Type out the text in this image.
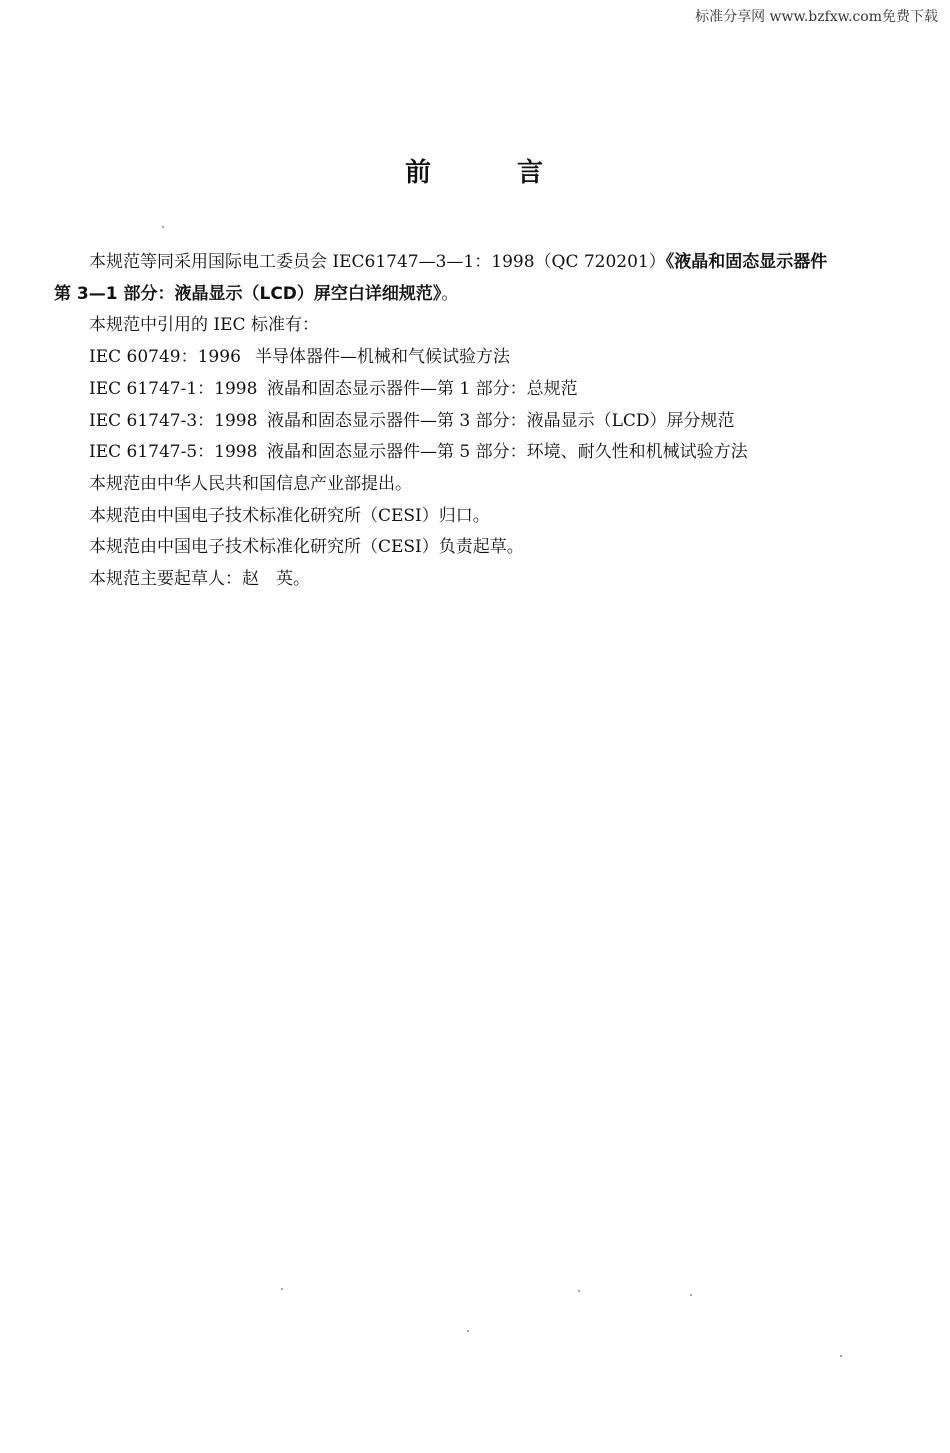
标准分享网 www.bzfxw.com免费下载
前	言
本规范等同采用国际电工委员会 IEC61747—3—1：1998（QC 720201）《液晶和固态显示器件
第 3—1 部分：液晶显示（LCD）屏空白详细规范》。
本规范中引用的 IEC 标准有：
IEC 60749：1996 半导体器件—机械和气候试验方法
IEC 61747-1：1998 液晶和固态显示器件—第 1 部分：总规范
IEC 61747-3：1998 液晶和固态显示器件—第 3 部分：液晶显示（LCD）屏分规范
IEC 61747-5：1998 液晶和固态显示器件—第 5 部分：环境、耐久性和机械试验方法
本规范由中华人民共和国信息产业部提出。
本规范由中国电子技术标准化研究所（CESI）归口。
本规范由中国电子技术标准化研究所（CESI）负责起草。
本规范主要起草人：赵　英。
